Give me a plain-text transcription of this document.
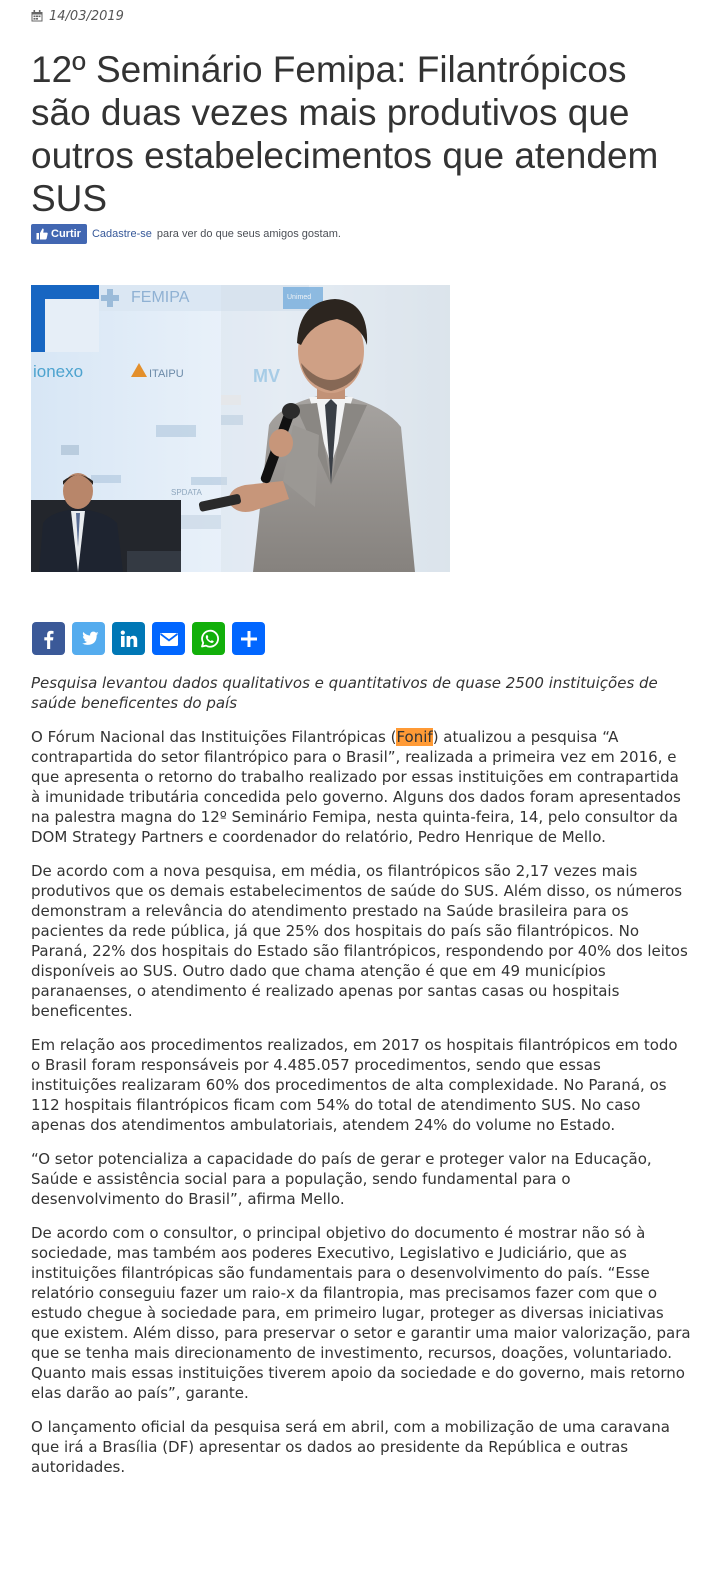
14/03/2019
12º Seminário Femipa: Filantrópicos são duas vezes mais produtivos que outros estabelecimentos que atendem SUS
Curtir Cadastre-se para ver do que seus amigos gostam.
FEMIPA
ionexo	ITAIPU	MV
Unimed
SPDATA

Pesquisa levantou dados qualitativos e quantitativos de quase 2500 instituições de saúde beneficentes do país

O Fórum Nacional das Instituições Filantrópicas (Fonif) atualizou a pesquisa “A contrapartida do setor filantrópico para o Brasil”, realizada a primeira vez em 2016, e que apresenta o retorno do trabalho realizado por essas instituições em contrapartida à imunidade tributária concedida pelo governo. Alguns dos dados foram apresentados na palestra magna do 12º Seminário Femipa, nesta quinta-feira, 14, pelo consultor da DOM Strategy Partners e coordenador do relatório, Pedro Henrique de Mello.

De acordo com a nova pesquisa, em média, os filantrópicos são 2,17 vezes mais produtivos que os demais estabelecimentos de saúde do SUS. Além disso, os números demonstram a relevância do atendimento prestado na Saúde brasileira para os pacientes da rede pública, já que 25% dos hospitais do país são filantrópicos. No Paraná, 22% dos hospitais do Estado são filantrópicos, respondendo por 40% dos leitos disponíveis ao SUS. Outro dado que chama atenção é que em 49 municípios paranaenses, o atendimento é realizado apenas por santas casas ou hospitais beneficentes.

Em relação aos procedimentos realizados, em 2017 os hospitais filantrópicos em todo o Brasil foram responsáveis por 4.485.057 procedimentos, sendo que essas instituições realizaram 60% dos procedimentos de alta complexidade. No Paraná, os 112 hospitais filantrópicos ficam com 54% do total de atendimento SUS. No caso apenas dos atendimentos ambulatoriais, atendem 24% do volume no Estado.

“O setor potencializa a capacidade do país de gerar e proteger valor na Educação, Saúde e assistência social para a população, sendo fundamental para o desenvolvimento do Brasil”, afirma Mello.

De acordo com o consultor, o principal objetivo do documento é mostrar não só à sociedade, mas também aos poderes Executivo, Legislativo e Judiciário, que as instituições filantrópicas são fundamentais para o desenvolvimento do país. “Esse relatório conseguiu fazer um raio-x da filantropia, mas precisamos fazer com que o estudo chegue à sociedade para, em primeiro lugar, proteger as diversas iniciativas que existem. Além disso, para preservar o setor e garantir uma maior valorização, para que se tenha mais direcionamento de investimento, recursos, doações, voluntariado. Quanto mais essas instituições tiverem apoio da sociedade e do governo, mais retorno elas darão ao país”, garante.

O lançamento oficial da pesquisa será em abril, com a mobilização de uma caravana que irá a Brasília (DF) apresentar os dados ao presidente da República e outras autoridades.
